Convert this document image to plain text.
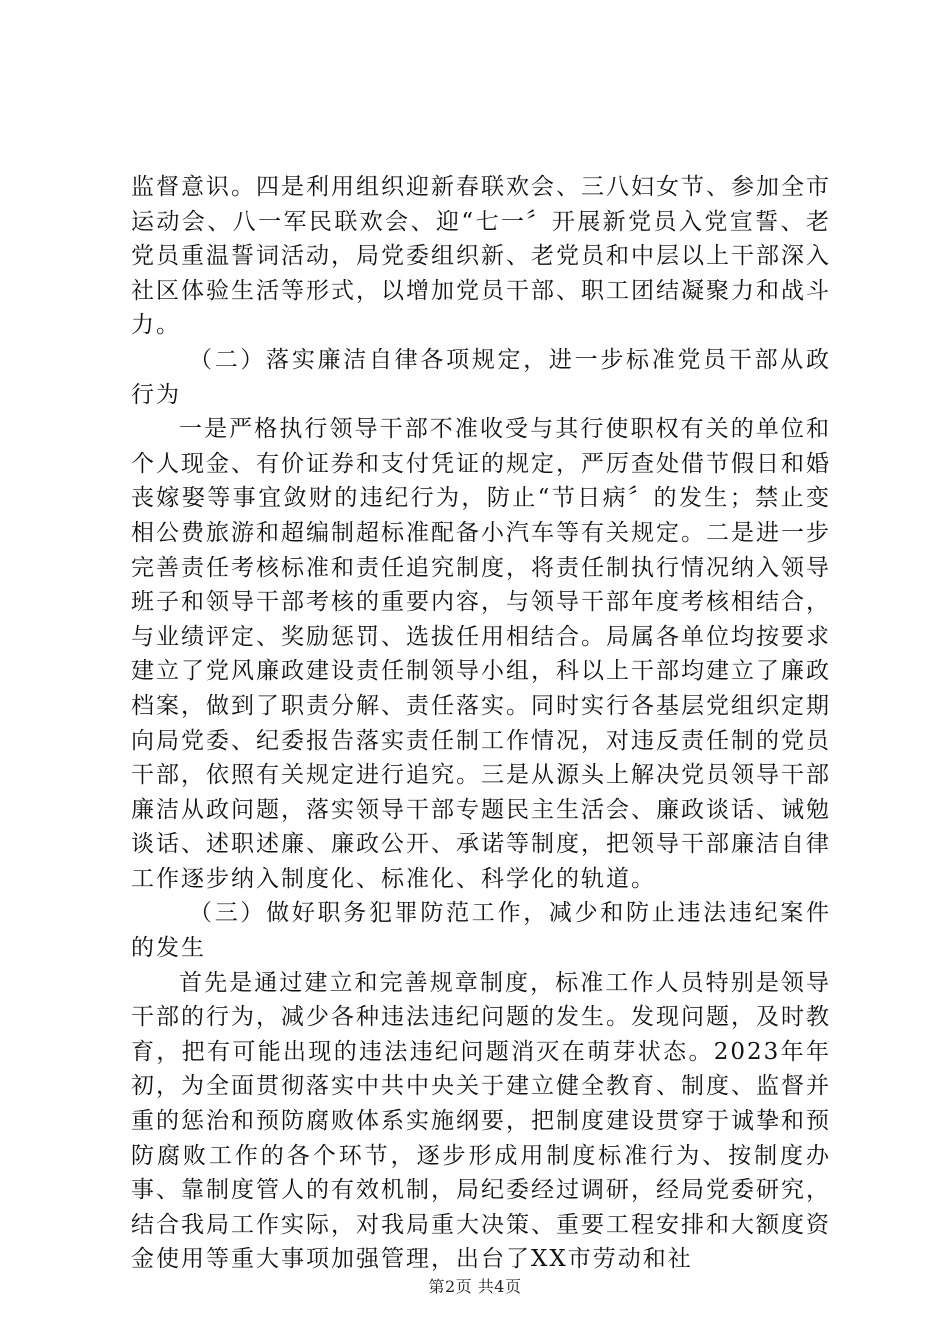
监督意识。四是利用组织迎新春联欢会、三八妇女节、参加全市运动会、八一军民联欢会、迎“七一〞开展新党员入党宣誓、老党员重温誓词活动，局党委组织新、老党员和中层以上干部深入社区体验生活等形式，以增加党员干部、职工团结凝聚力和战斗力。

（二）落实廉洁自律各项规定，进一步标准党员干部从政行为

一是严格执行领导干部不准收受与其行使职权有关的单位和个人现金、有价证券和支付凭证的规定，严厉查处借节假日和婚丧嫁娶等事宜敛财的违纪行为，防止“节日病〞的发生；禁止变相公费旅游和超编制超标准配备小汽车等有关规定。二是进一步完善责任考核标准和责任追究制度，将责任制执行情况纳入领导班子和领导干部考核的重要内容，与领导干部年度考核相结合，与业绩评定、奖励惩罚、选拔任用相结合。局属各单位均按要求建立了党风廉政建设责任制领导小组，科以上干部均建立了廉政档案，做到了职责分解、责任落实。同时实行各基层党组织定期向局党委、纪委报告落实责任制工作情况，对违反责任制的党员干部，依照有关规定进行追究。三是从源头上解决党员领导干部廉洁从政问题，落实领导干部专题民主生活会、廉政谈话、诫勉谈话、述职述廉、廉政公开、承诺等制度，把领导干部廉洁自律工作逐步纳入制度化、标准化、科学化的轨道。

（三）做好职务犯罪防范工作，减少和防止违法违纪案件的发生

首先是通过建立和完善规章制度，标准工作人员特别是领导干部的行为，减少各种违法违纪问题的发生。发现问题，及时教育，把有可能出现的违法违纪问题消灭在萌芽状态。2023年年初，为全面贯彻落实中共中央关于建立健全教育、制度、监督并重的惩治和预防腐败体系实施纲要，把制度建设贯穿于诚挚和预防腐败工作的各个环节，逐步形成用制度标准行为、按制度办事、靠制度管人的有效机制，局纪委经过调研，经局党委研究，结合我局工作实际，对我局重大决策、重要工程安排和大额度资金使用等重大事项加强管理，出台了XX市劳动和社

第2页 共4页
